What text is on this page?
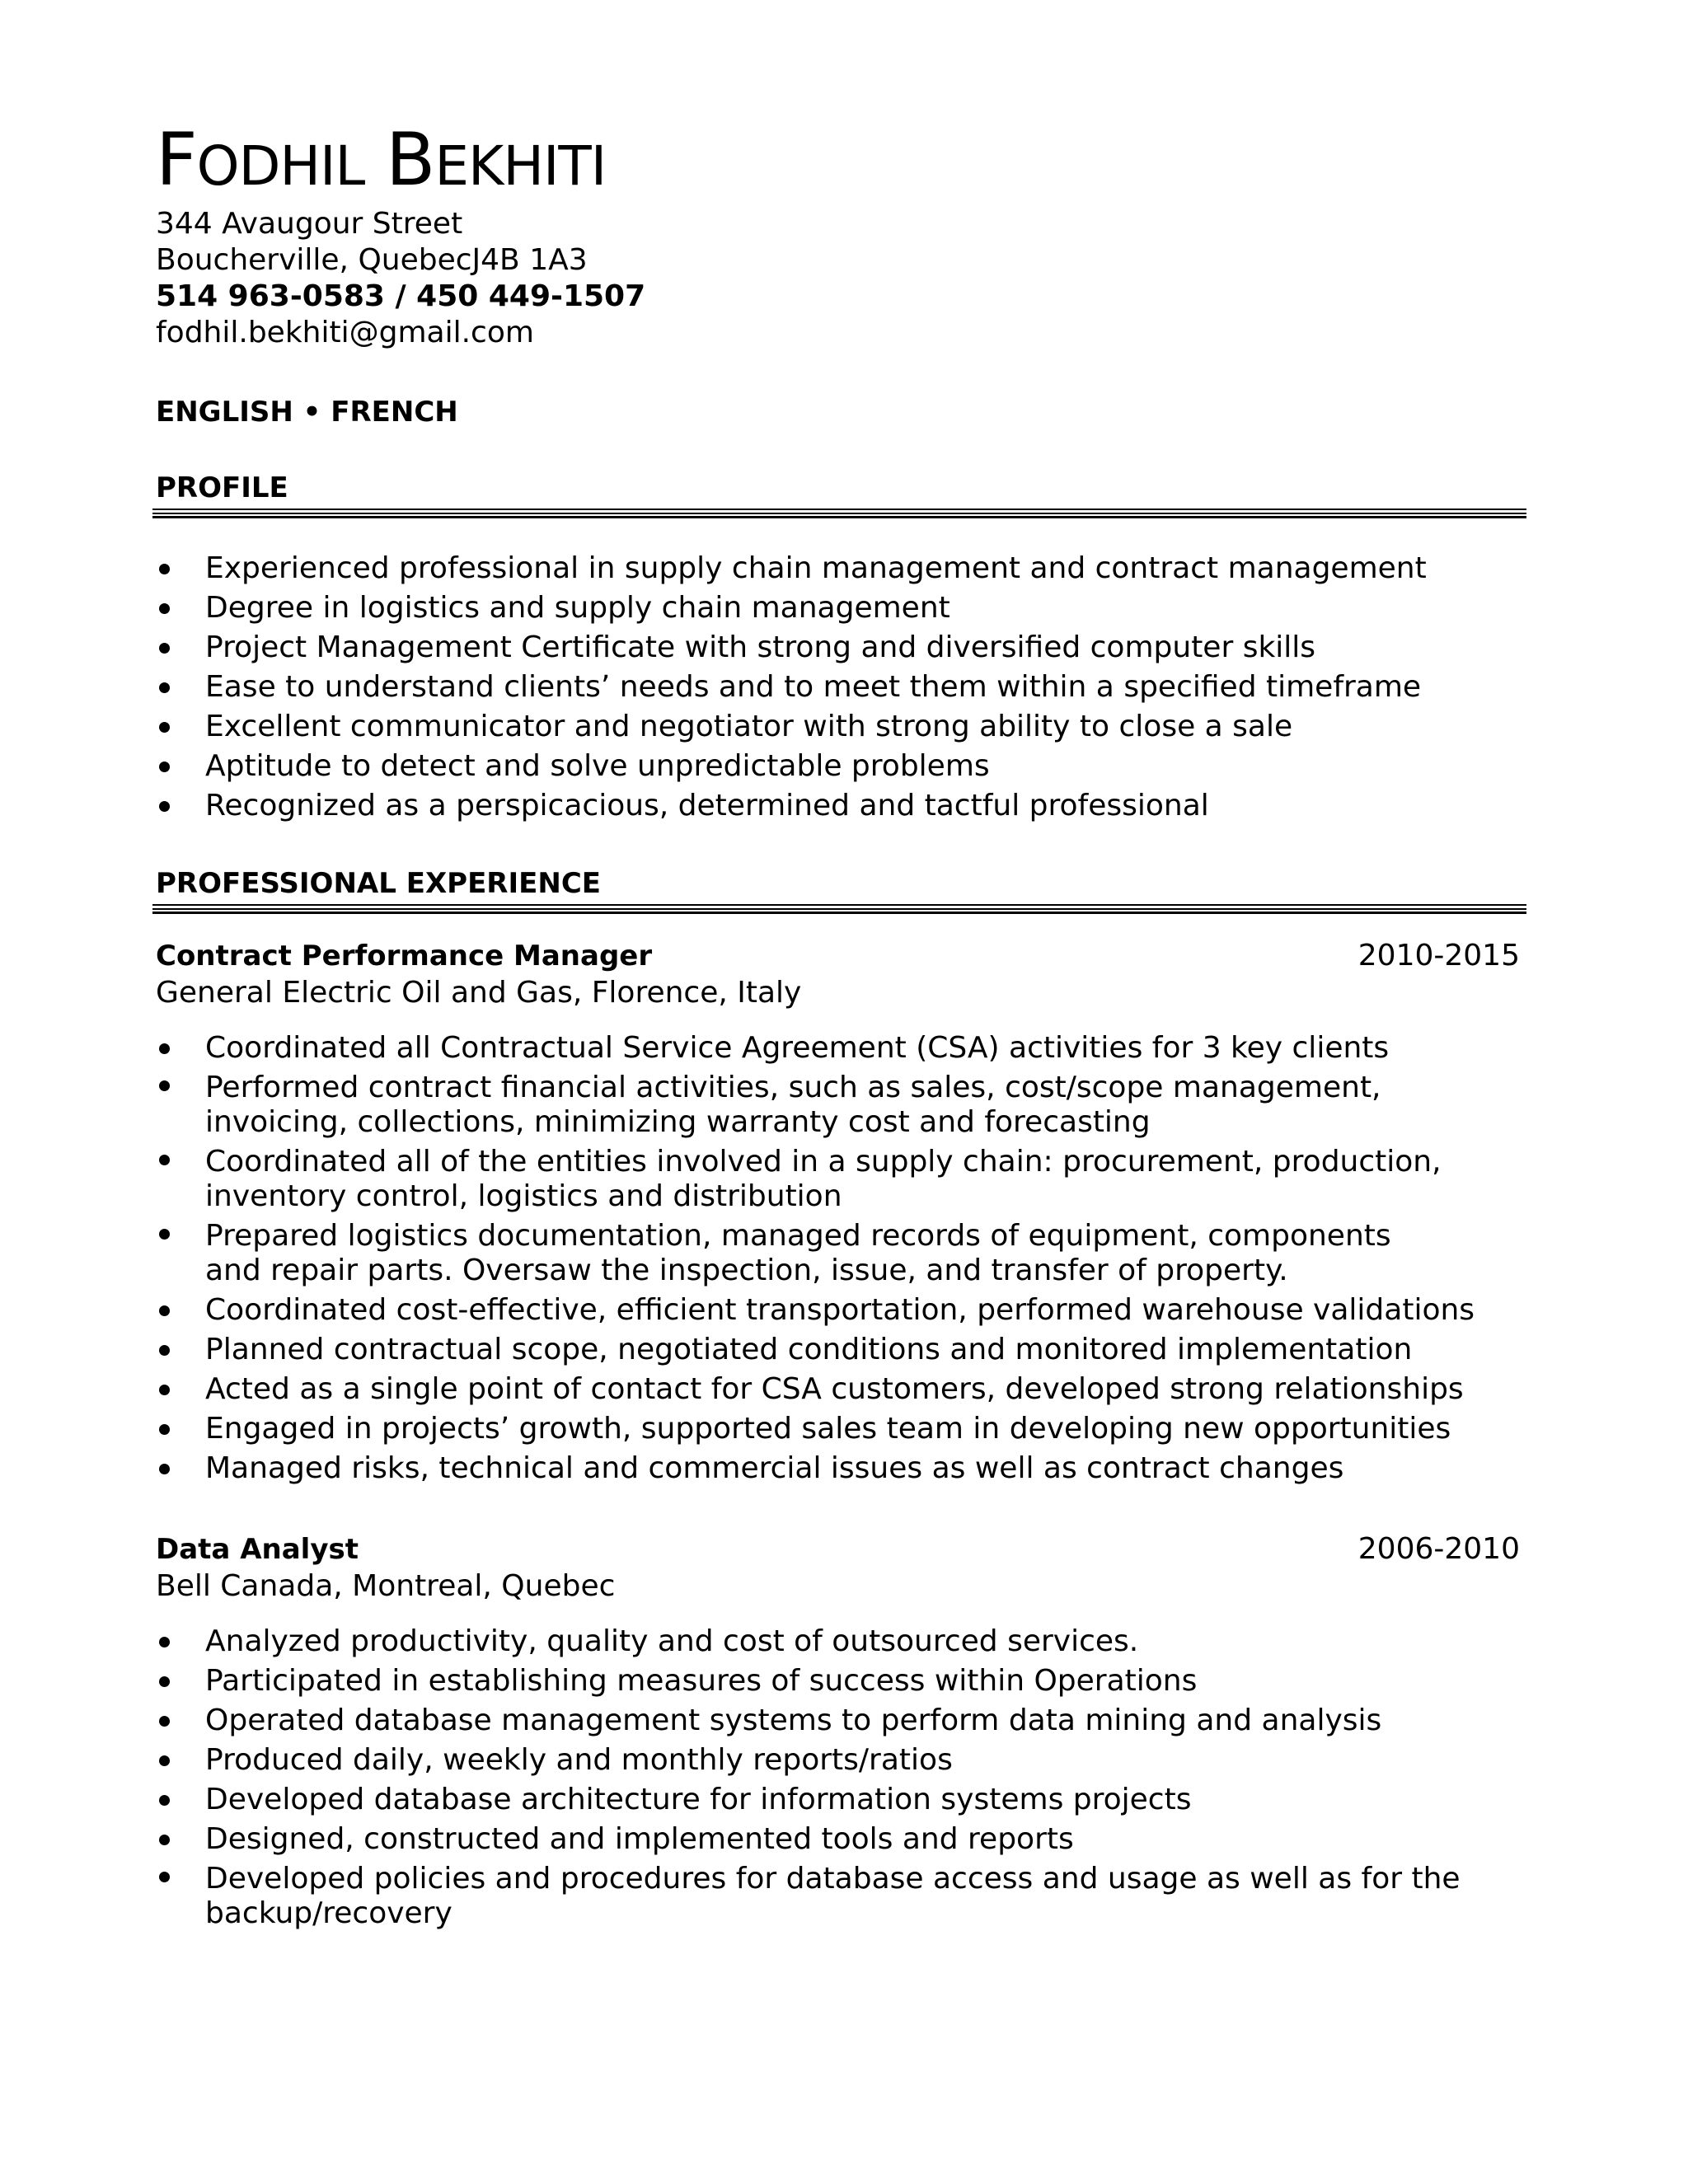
FODHIL BEKHITI
344 Avaugour Street
Boucherville, QuebecJ4B 1A3
514 963-0583 / 450 449-1507
fodhil.bekhiti@gmail.com
ENGLISH • FRENCH
PROFILE
Experienced professional in supply chain management and contract management
Degree in logistics and supply chain management
Project Management Certificate with strong and diversified computer skills
Ease to understand clients’ needs and to meet them within a specified timeframe
Excellent communicator and negotiator with strong ability to close a sale
Aptitude to detect and solve unpredictable problems
Recognized as a perspicacious, determined and tactful professional
PROFESSIONAL EXPERIENCE
Contract Performance Manager	2010-2015
General Electric Oil and Gas, Florence, Italy
Coordinated all Contractual Service Agreement (CSA) activities for 3 key clients
Performed contract financial activities, such as sales, cost/scope management,
invoicing, collections, minimizing warranty cost and forecasting
Coordinated all of the entities involved in a supply chain: procurement, production,
inventory control, logistics and distribution
Prepared logistics documentation, managed records of equipment, components
and repair parts. Oversaw the inspection, issue, and transfer of property.
Coordinated cost-effective, efficient transportation, performed warehouse validations
Planned contractual scope, negotiated conditions and monitored implementation
Acted as a single point of contact for CSA customers, developed strong relationships
Engaged in projects’ growth, supported sales team in developing new opportunities
Managed risks, technical and commercial issues as well as contract changes
Data Analyst	2006-2010
Bell Canada, Montreal, Quebec
Analyzed productivity, quality and cost of outsourced services.
Participated in establishing measures of success within Operations
Operated database management systems to perform data mining and analysis
Produced daily, weekly and monthly reports/ratios
Developed database architecture for information systems projects
Designed, constructed and implemented tools and reports
Developed policies and procedures for database access and usage as well as for the
backup/recovery
